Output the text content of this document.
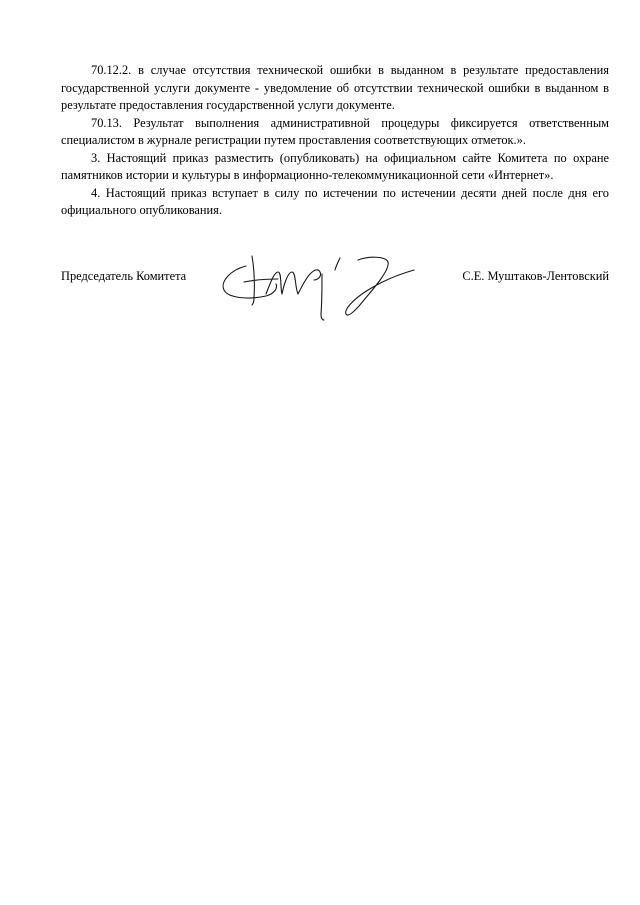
70.12.2. в случае отсутствия технической ошибки в выданном в результате предоставления государственной услуги документе - уведомление об отсутствии технической ошибки в выданном в результате предоставления государственной услуги документе.

70.13. Результат выполнения административной процедуры фиксируется ответственным специалистом в журнале регистрации путем проставления соответствующих отметок.».

3. Настоящий приказ разместить (опубликовать) на официальном сайте Комитета по охране памятников истории и культуры в информационно-телекоммуникационной сети «Интернет».

4. Настоящий приказ вступает в силу по истечении по истечении десяти дней после дня его официального опубликования.

Председатель Комитета	С.Е. Муштаков-Лентовский
